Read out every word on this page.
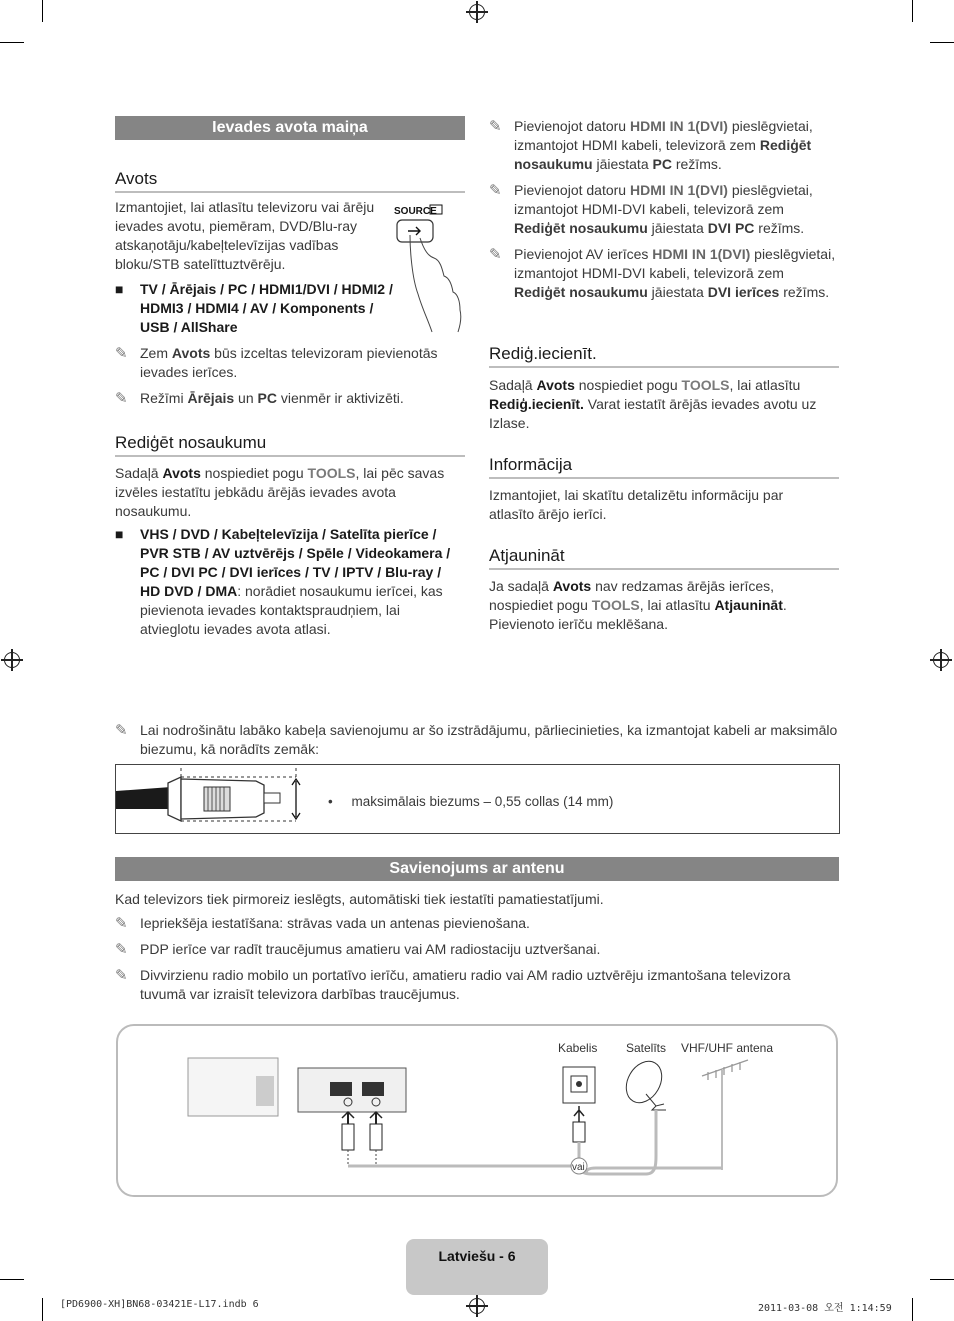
Ievades avota maiņa
Avots
Izmantojiet, lai atlasītu televizoru vai ārēju ievades avotu, piemēram, DVD/Blu-ray atskaņotāju/kabeļtelevīzijas vadības bloku/STB satelīttuztvērēju.
SOURCE
■ TV / Ārējais / PC / HDMI1/DVI / HDMI2 / HDMI3 / HDMI4 / AV / Komponents / USB / AllShare
✎ Zem Avots būs izceltas televizoram pievienotās ievades ierīces.
✎ Režīmi Ārējais un PC vienmēr ir aktivizēti.
Rediģēt nosaukumu
Sadaļā Avots nospiediet pogu TOOLS, lai pēc savas izvēles iestatītu jebkādu ārējās ievades avota nosaukumu.
■ VHS / DVD / Kabeļtelevīzija / Satelīta pierīce / PVR STB / AV uztvērējs / Spēle / Videokamera / PC / DVI PC / DVI ierīces / TV / IPTV / Blu-ray / HD DVD / DMA: norādiet nosaukumu ierīcei, kas pievienota ievades kontaktspraudņiem, lai atvieglotu ievades avota atlasi.
✎ Pievienojot datoru HDMI IN 1(DVI) pieslēgvietai, izmantojot HDMI kabeli, televizorā zem Rediģēt nosaukumu jāiestata PC režīms.
✎ Pievienojot datoru HDMI IN 1(DVI) pieslēgvietai, izmantojot HDMI-DVI kabeli, televizorā zem Rediģēt nosaukumu jāiestata DVI PC režīms.
✎ Pievienojot AV ierīces HDMI IN 1(DVI) pieslēgvietai, izmantojot HDMI-DVI kabeli, televizorā zem Rediģēt nosaukumu jāiestata DVI ierīces režīms.
Rediģ.iecienīt.
Sadaļā Avots nospiediet pogu TOOLS, lai atlasītu Rediģ.iecienīt. Varat iestatīt ārējās ievades avotu uz Izlase.
Informācija
Izmantojiet, lai skatītu detalizētu informāciju par atlasīto ārējo ierīci.
Atjaunināt
Ja sadaļā Avots nav redzamas ārējās ierīces, nospiediet pogu TOOLS, lai atlasītu Atjaunināt. Pievienoto ierīču meklēšana.
✎ Lai nodrošinātu labāko kabeļa savienojumu ar šo izstrādājumu, pārliecinieties, ka izmantojat kabeli ar maksimālo biezumu, kā norādīts zemāk:
• maksimālais biezums – 0,55 collas (14 mm)
Savienojums ar antenu
Kad televizors tiek pirmoreiz ieslēgts, automātiski tiek iestatīti pamatiestatījumi.
✎ Iepriekšēja iestatīšana: strāvas vada un antenas pievienošana.
✎ PDP ierīce var radīt traucējumus amatieru vai AM radiostaciju uztveršanai.
✎ Divvirzienu radio mobilo un portatīvo ierīču, amatieru radio vai AM radio uztvērēju izmantošana televizora tuvumā var izraisīt televizora darbības traucējumus.
vai
Kabelis Satelīts VHF/UHF antena
Latviešu - 6
[PD6900-XH]BN68-03421E-L17.indb 6	2011-03-08 오전 1:14:59
